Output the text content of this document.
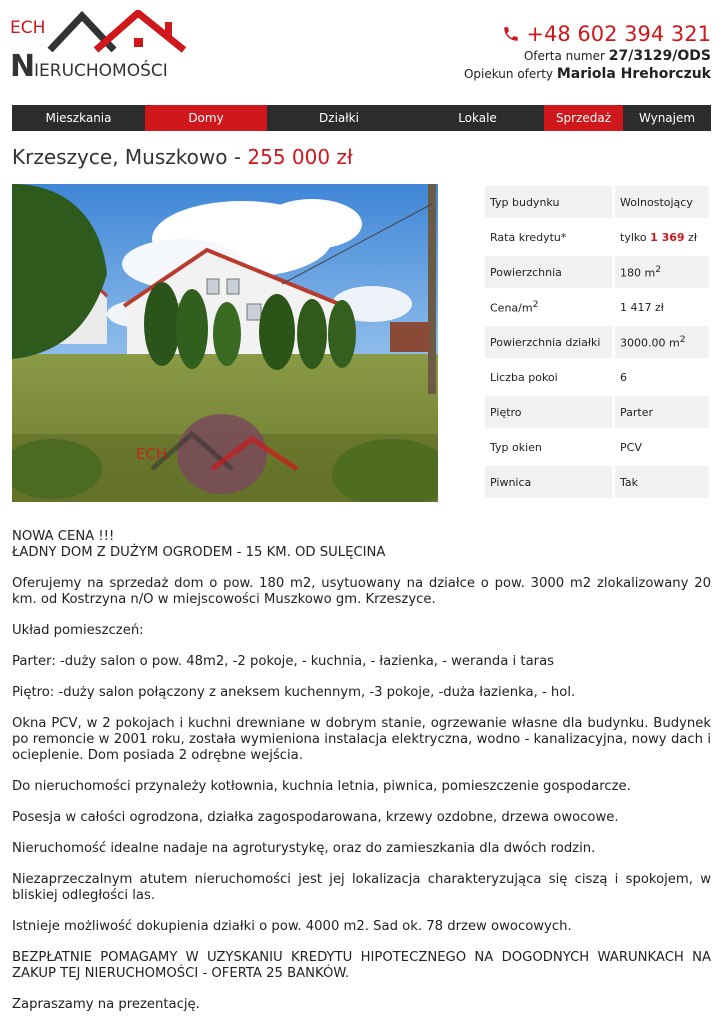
ECH
N
IERUCHOMOŚCI
+48 602 394 321
Oferta numer 27/3129/ODS
Opiekun oferty Mariola Hrehorczuk
Mieszkania	Domy	Działki	Lokale	Sprzedaż	Wynajem
Krzeszyce, Muszkowo - 255 000 zł
ECH
Typ budynku	Wolnostojący
Rata kredytu*	tylko 1 369 zł
Powierzchnia	180 $m^2$
Cena/$m^2$	1 417 zł
Powierzchnia działki	3000.00 $m^2$
Liczba pokoi	6
Piętro	Parter
Typ okien	PCV
Piwnica	Tak

NOWA CENA !!!
ŁADNY DOM Z DUŻYM OGRODEM - 15 KM. OD SULĘCINA

Oferujemy na sprzedaż dom o pow. 180 m2, usytuowany na działce o pow. 3000 m2 zlokalizowany 20 km. od Kostrzyna n/O w miejscowości Muszkowo gm. Krzeszyce.

Układ pomieszczeń:

Parter: -duży salon o pow. 48m2, -2 pokoje, - kuchnia, - łazienka, - weranda i taras

Piętro: -duży salon połączony z aneksem kuchennym, -3 pokoje, -duża łazienka, - hol.

Okna PCV, w 2 pokojach i kuchni drewniane w dobrym stanie, ogrzewanie własne dla budynku. Budynek po remoncie w 2001 roku, została wymieniona instalacja elektryczna, wodno - kanalizacyjna, nowy dach i ocieplenie. Dom posiada 2 odrębne wejścia.

Do nieruchomości przynależy kotłownia, kuchnia letnia, piwnica, pomieszczenie gospodarcze.

Posesja w całości ogrodzona, działka zagospodarowana, krzewy ozdobne, drzewa owocowe.

Nieruchomość idealne nadaje na agroturystykę, oraz do zamieszkania dla dwóch rodzin.

Niezaprzeczalnym atutem nieruchomości jest jej lokalizacja charakteryzująca się ciszą i spokojem, w bliskiej odległości las.

Istnieje możliwość dokupienia działki o pow. 4000 m2. Sad ok. 78 drzew owocowych.

BEZPŁATNIE POMAGAMY W UZYSKANIU KREDYTU HIPOTECZNEGO NA DOGODNYCH WARUNKACH NA ZAKUP TEJ NIERUCHOMOŚCI - OFERTA 25 BANKÓW.

Zapraszamy na prezentację.
